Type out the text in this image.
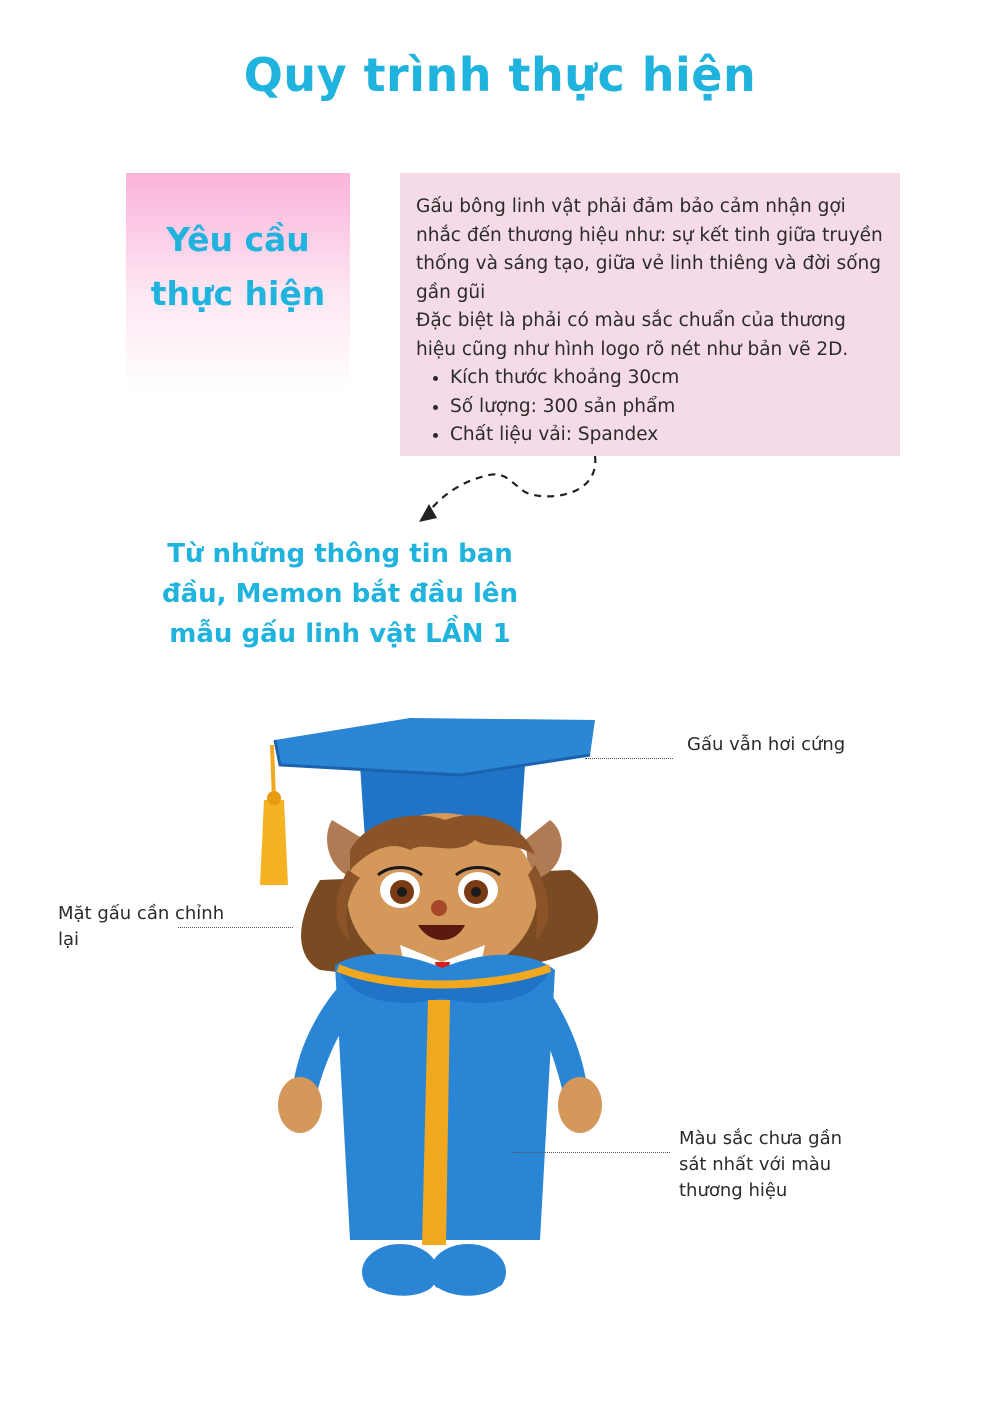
Quy trình thực hiện
Yêu cầu
thực hiện

Gấu bông linh vật phải đảm bảo cảm nhận gợi nhắc đến thương hiệu như: sự kết tinh giữa truyền thống và sáng tạo, giữa vẻ linh thiêng và đời sống gần gũi

Đặc biệt là phải có màu sắc chuẩn của thương hiệu cũng như hình logo rõ nét như bản vẽ 2D.

• Kích thước khoảng 30cm
• Số lượng: 300 sản phẩm
• Chất liệu vải: Spandex
Từ những thông tin ban
đầu, Memon bắt đầu lên
mẫu gấu linh vật LẦN 1
Gấu vẫn hơi cứng
Mặt gấu cần chỉnh
lại
Màu sắc chưa gần
sát nhất với màu
thương hiệu
